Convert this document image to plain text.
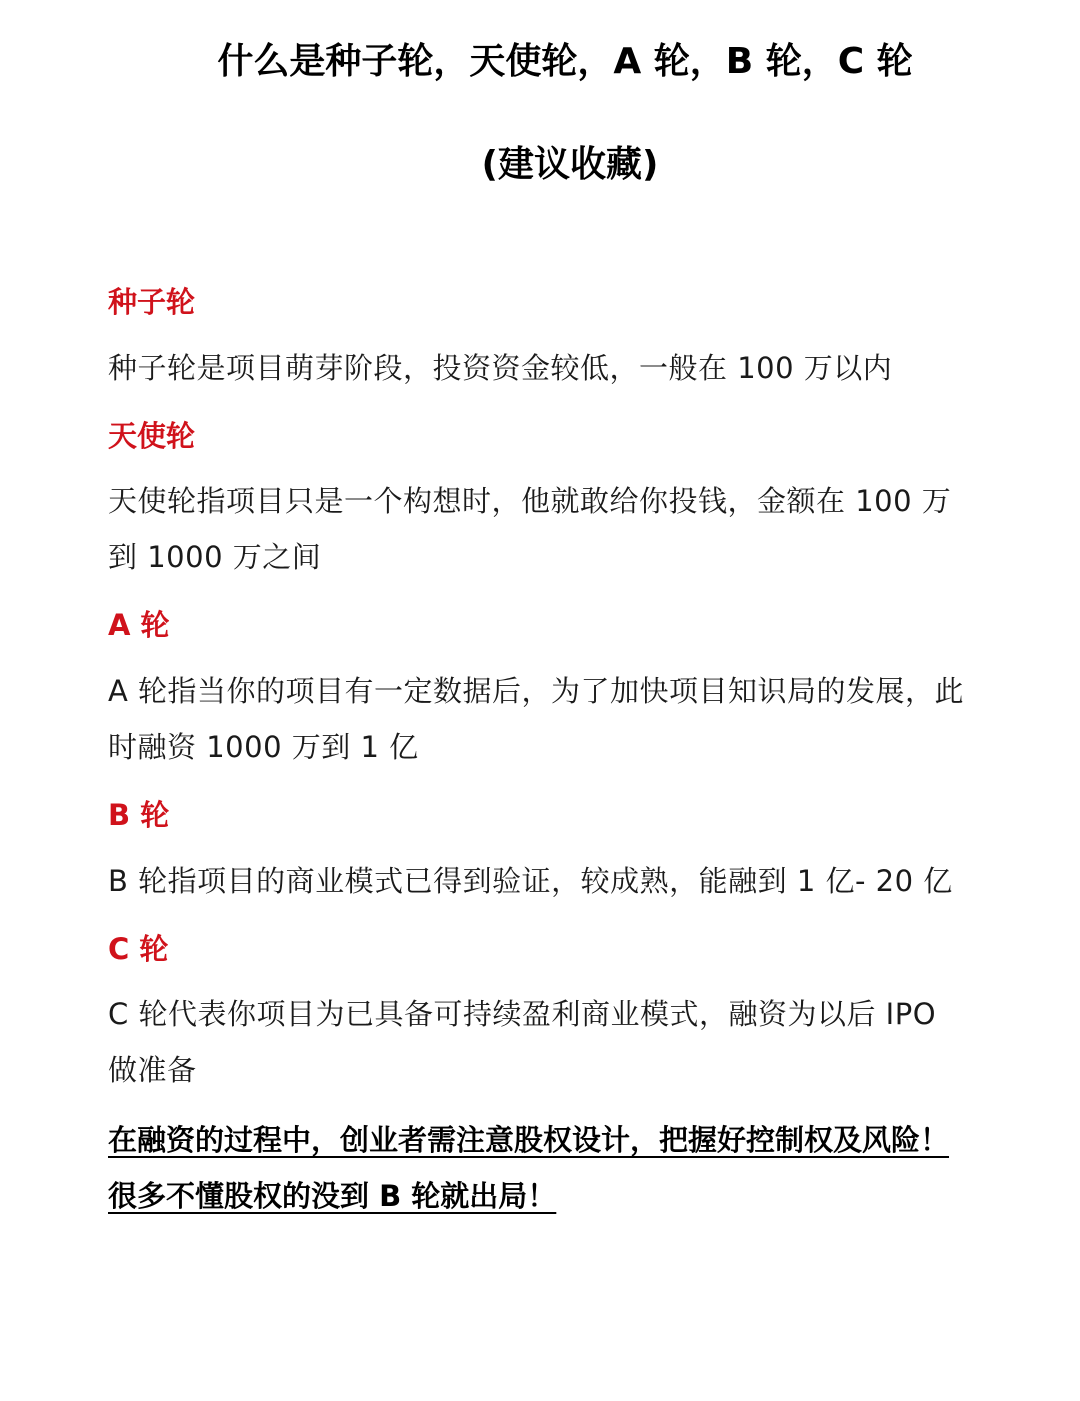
什么是种子轮，天使轮，A 轮，B 轮，C 轮
(建议收藏)

种子轮

种子轮是项目萌芽阶段，投资资金较低，一般在 100 万以内

天使轮

天使轮指项目只是一个构想时，他就敢给你投钱，金额在 100 万

到 1000 万之间

A 轮

A 轮指当你的项目有一定数据后，为了加快项目知识局的发展，此

时融资 1000 万到 1 亿

B 轮

B 轮指项目的商业模式已得到验证，较成熟，能融到 1 亿- 20 亿

C 轮

C 轮代表你项目为已具备可持续盈利商业模式，融资为以后 IPO

做准备

在融资的过程中，创业者需注意股权设计，把握好控制权及风险！

很多不懂股权的没到 B 轮就出局！
